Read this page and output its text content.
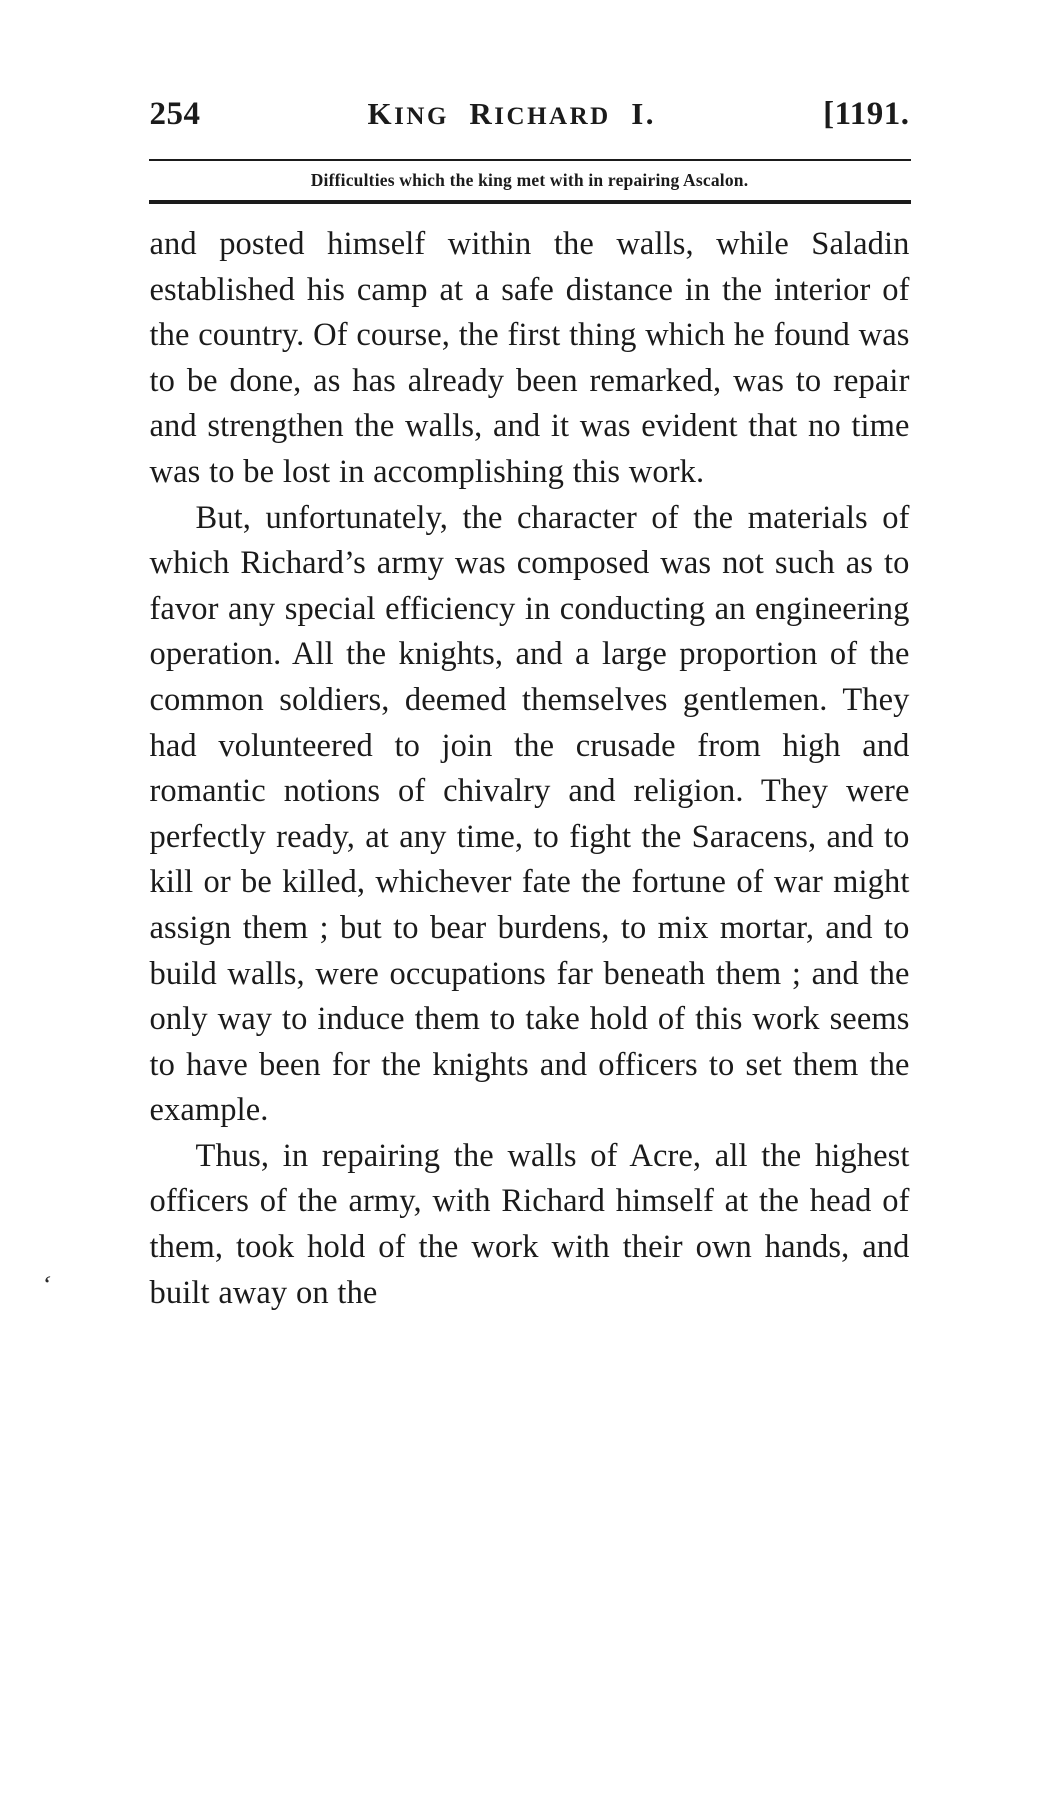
254	KING RICHARD I.	[1191.
Difficulties which the king met with in repairing Ascalon.

and posted himself within the walls, while Saladin established his camp at a safe distance in the interior of the country. Of course, the first thing which he found was to be done, as has already been remarked, was to repair and strengthen the walls, and it was evident that no time was to be lost in accomplishing this work.

But, unfortunately, the character of the materials of which Richard’s army was composed was not such as to favor any special efficiency in conducting an engineering operation. All the knights, and a large proportion of the common soldiers, deemed themselves gentlemen. They had volunteered to join the crusade from high and romantic notions of chivalry and religion. They were perfectly ready, at any time, to fight the Saracens, and to kill or be killed, whichever fate the fortune of war might assign them ; but to bear burdens, to mix mortar, and to build walls, were occupations far beneath them ; and the only way to induce them to take hold of this work seems to have been for the knights and officers to set them the example.

Thus, in repairing the walls of Acre, all the highest officers of the army, with Richard himself at the head of them, took hold of the work with their own hands, and built away on the

‘
